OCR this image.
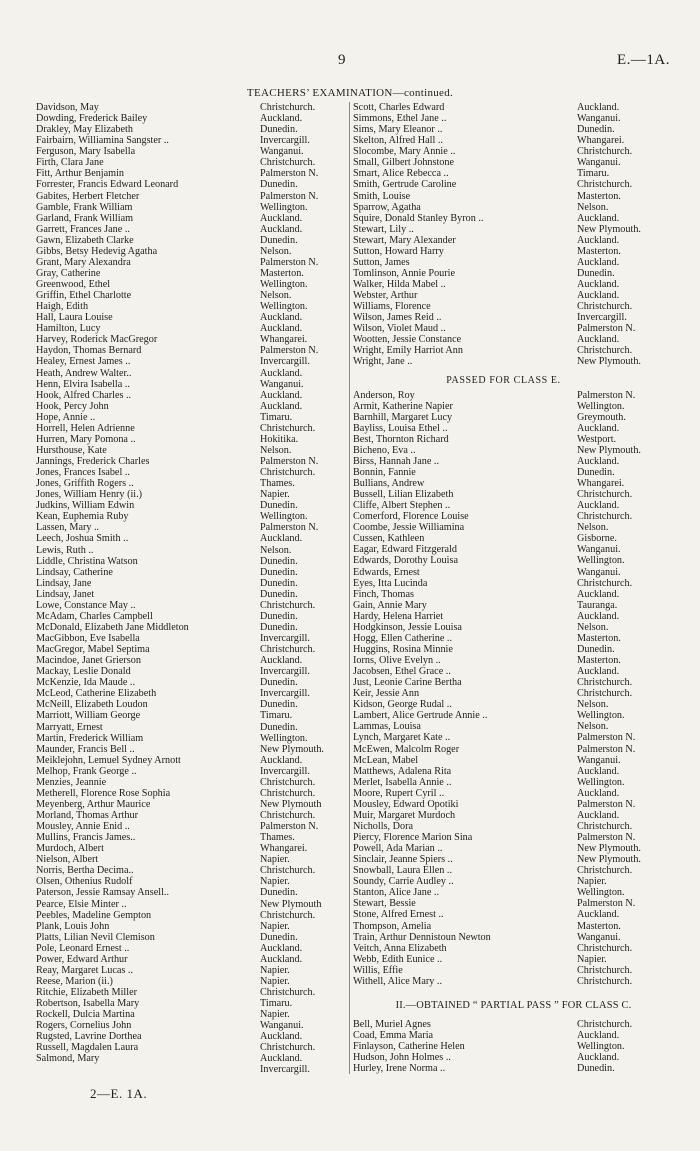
9	E.—1A.
TEACHERS’ EXAMINATION—continued.
Davidson, May	Christchurch.
Dowding, Frederick Bailey	Auckland.
Drakley, May Elizabeth	Dunedin.
Fairbairn, Williamina Sangster ..	Invercargill.
Ferguson, Mary Isabella	Wanganui.
Firth, Clara Jane	Christchurch.
Fitt, Arthur Benjamin	Palmerston N.
Forrester, Francis Edward Leonard	Dunedin.
Gabites, Herbert Fletcher	Palmerston N.
Gamble, Frank William	Wellington.
Garland, Frank William	Auckland.
Garrett, Frances Jane ..	Auckland.
Gawn, Elizabeth Clarke	Dunedin.
Gibbs, Betsy Hedevig Agatha	Nelson.
Grant, Mary Alexandra	Palmerston N.
Gray, Catherine	Masterton.
Greenwood, Ethel	Wellington.
Griffin, Ethel Charlotte	Nelson.
Haigh, Edith	Wellington.
Hall, Laura Louise	Auckland.
Hamilton, Lucy	Auckland.
Harvey, Roderick MacGregor	Whangarei.
Haydon, Thomas Bernard	Palmerston N.
Healey, Ernest James ..	Invercargill.
Heath, Andrew Walter..	Auckland.
Henn, Elvira Isabella ..	Wanganui.
Hook, Alfred Charles ..	Auckland.
Hook, Percy John	Auckland.
Hope, Annie ..	Timaru.
Horrell, Helen Adrienne	Christchurch.
Hurren, Mary Pomona ..	Hokitika.
Hursthouse, Kate	Nelson.
Jannings, Frederick Charles	Palmerston N.
Jones, Frances Isabel ..	Christchurch.
Jones, Griffith Rogers ..	Thames.
Jones, William Henry (ii.)	Napier.
Judkins, William Edwin	Dunedin.
Kean, Euphemia Ruby	Wellington.
Lassen, Mary ..	Palmerston N.
Leech, Joshua Smith ..	Auckland.
Lewis, Ruth ..	Nelson.
Liddle, Christina Watson	Dunedin.
Lindsay, Catherine	Dunedin.
Lindsay, Jane	Dunedin.
Lindsay, Janet	Dunedin.
Lowe, Constance May ..	Christchurch.
McAdam, Charles Campbell	Dunedin.
McDonald, Elizabeth Jane Middleton	Dunedin.
MacGibbon, Eve Isabella	Invercargill.
MacGregor, Mabel Septima	Christchurch.
Macindoe, Janet Grierson	Auckland.
Mackay, Leslie Donald	Invercargill.
McKenzie, Ida Maude ..	Dunedin.
McLeod, Catherine Elizabeth	Invercargill.
McNeill, Elizabeth Loudon	Dunedin.
Marriott, William George	Timaru.
Marryatt, Ernest	Dunedin.
Martin, Frederick William	Wellington.
Maunder, Francis Bell ..	New Plymouth.
Meiklejohn, Lemuel Sydney Arnott	Auckland.
Melhop, Frank George ..	Invercargill.
Menzies, Jeannie	Christchurch.
Metherell, Florence Rose Sophia	Christchurch.
Meyenberg, Arthur Maurice	New Plymouth
Morland, Thomas Arthur	Christchurch.
Mousley, Annie Enid ..	Palmerston N.
Mullins, Francis James..	Thames.
Murdoch, Albert	Whangarei.
Nielson, Albert	Napier.
Norris, Bertha Decima..	Christchurch.
Olsen, Othenius Rudolf	Napier.
Paterson, Jessie Ramsay Ansell..	Dunedin.
Pearce, Elsie Minter ..	New Plymouth
Peebles, Madeline Gempton	Christchurch.
Plank, Louis John	Napier.
Platts, Lilian Nevil Clemison	Dunedin.
Pole, Leonard Ernest ..	Auckland.
Power, Edward Arthur	Auckland.
Reay, Margaret Lucas ..	Napier.
Reese, Marion (ii.)	Napier.
Ritchie, Elizabeth Miller	Christchurch.
Robertson, Isabella Mary	Timaru.
Rockell, Dulcia Martina	Napier.
Rogers, Cornelius John	Wanganui.
Rugsted, Lavrine Dorthea	Auckland.
Russell, Magdalen Laura	Christchurch.
Salmond, Mary	Auckland.
Invercargill.
Scott, Charles Edward	Auckland.
Simmons, Ethel Jane ..	Wanganui.
Sims, Mary Eleanor ..	Dunedin.
Skelton, Alfred Hall ..	Whangarei.
Slocombe, Mary Annie ..	Christchurch.
Small, Gilbert Johnstone	Wanganui.
Smart, Alice Rebecca ..	Timaru.
Smith, Gertrude Caroline	Christchurch.
Smith, Louise	Masterton.
Sparrow, Agatha	Nelson.
Squire, Donald Stanley Byron ..	Auckland.
Stewart, Lily ..	New Plymouth.
Stewart, Mary Alexander	Auckland.
Sutton, Howard Harry	Masterton.
Sutton, James	Auckland.
Tomlinson, Annie Pourie	Dunedin.
Walker, Hilda Mabel ..	Auckland.
Webster, Arthur	Auckland.
Williams, Florence	Christchurch.
Wilson, James Reid ..	Invercargill.
Wilson, Violet Maud ..	Palmerston N.
Wootten, Jessie Constance	Auckland.
Wright, Emily Harriot Ann	Christchurch.
Wright, Jane ..	New Plymouth.
PASSED FOR CLASS E.
Anderson, Roy	Palmerston N.
Armit, Katherine Napier	Wellington.
Barnhill, Margaret Lucy	Greymouth.
Bayliss, Louisa Ethel ..	Auckland.
Best, Thornton Richard	Westport.
Bicheno, Eva ..	New Plymouth.
Birss, Hannah Jane ..	Auckland.
Bonnin, Fannie	Dunedin.
Bullians, Andrew	Whangarei.
Bussell, Lilian Elizabeth	Christchurch.
Cliffe, Albert Stephen ..	Auckland.
Comerford, Florence Louise	Christchurch.
Coombe, Jessie Williamina	Nelson.
Cussen, Kathleen	Gisborne.
Eagar, Edward Fitzgerald	Wanganui.
Edwards, Dorothy Louisa	Wellington.
Edwards, Ernest	Wanganui.
Eyes, Itta Lucinda	Christchurch.
Finch, Thomas	Auckland.
Gain, Annie Mary	Tauranga.
Hardy, Helena Harriet	Auckland.
Hodgkinson, Jessie Louisa	Nelson.
Hogg, Ellen Catherine ..	Masterton.
Huggins, Rosina Minnie	Dunedin.
Iorns, Olive Evelyn ..	Masterton.
Jacobsen, Ethel Grace ..	Auckland.
Just, Leonie Carine Bertha	Christchurch.
Keir, Jessie Ann	Christchurch.
Kidson, George Rudal ..	Nelson.
Lambert, Alice Gertrude Annie ..	Wellington.
Lammas, Louisa	Nelson.
Lynch, Margaret Kate ..	Palmerston N.
McEwen, Malcolm Roger	Palmerston N.
McLean, Mabel	Wanganui.
Matthews, Adalena Rita	Auckland.
Merlet, Isabella Annie ..	Wellington.
Moore, Rupert Cyril ..	Auckland.
Mousley, Edward Opotiki	Palmerston N.
Muir, Margaret Murdoch	Auckland.
Nicholls, Dora	Christchurch.
Piercy, Florence Marion Sina	Palmerston N.
Powell, Ada Marian ..	New Plymouth.
Sinclair, Jeanne Spiers ..	New Plymouth.
Snowball, Laura Ellen ..	Christchurch.
Soundy, Carrie Audley ..	Napier.
Stanton, Alice Jane ..	Wellington.
Stewart, Bessie	Palmerston N.
Stone, Alfred Ernest ..	Auckland.
Thompson, Amelia	Masterton.
Train, Arthur Dennistoun Newton	Wanganui.
Veitch, Anna Elizabeth	Christchurch.
Webb, Edith Eunice ..	Napier.
Willis, Effie	Christchurch.
Withell, Alice Mary ..	Christchurch.
II.—OBTAINED “ PARTIAL PASS ” FOR CLASS C.
Bell, Muriel Agnes	Christchurch.
Coad, Emma Maria	Auckland.
Finlayson, Catherine Helen	Wellington.
Hudson, John Holmes ..	Auckland.
Hurley, Irene Norma ..	Dunedin.
2—E. 1A.
